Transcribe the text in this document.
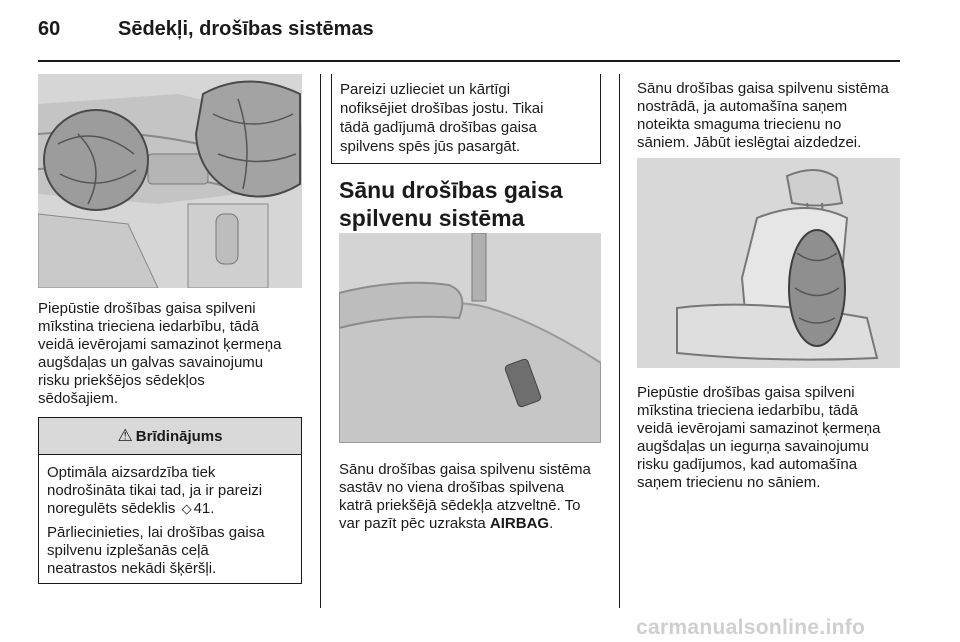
60	Sēdekļi, drošības sistēmas
Piepūstie drošības gaisa spilveni
mīkstina trieciena iedarbību, tādā
veidā ievērojami samazinot ķermeņa
augšdaļas un galvas savainojumu
risku priekšējos sēdekļos
sēdošajiem.
⚠ Brīdinājums

Optimāla aizsardzība tiek
nodrošināta tikai tad, ja ir pareizi
noregulēts sēdeklis ◇ 41.

Pārliecinieties, lai drošības gaisa
spilvenu izplešanās ceļā
neatrastos nekādi šķēršļi.

Pareizi uzlieciet un kārtīgi
nofiksējiet drošības jostu. Tikai
tādā gadījumā drošības gaisa
spilvens spēs jūs pasargāt.
Sānu drošības gaisa
spilvenu sistēma
Sānu drošības gaisa spilvenu sistēma
sastāv no viena drošības spilvena
katrā priekšējā sēdekļa atzveltnē. To
var pazīt pēc uzraksta AIRBAG.
Sānu drošības gaisa spilvenu sistēma
nostrādā, ja automašīna saņem
noteikta smaguma triecienu no
sāniem. Jābūt ieslēgtai aizdedzei.
Piepūstie drošības gaisa spilveni
mīkstina trieciena iedarbību, tādā
veidā ievērojami samazinot ķermeņa
augšdaļas un iegurņa savainojumu
risku gadījumos, kad automašīna
saņem triecienu no sāniem.
carmanualsonline.info
